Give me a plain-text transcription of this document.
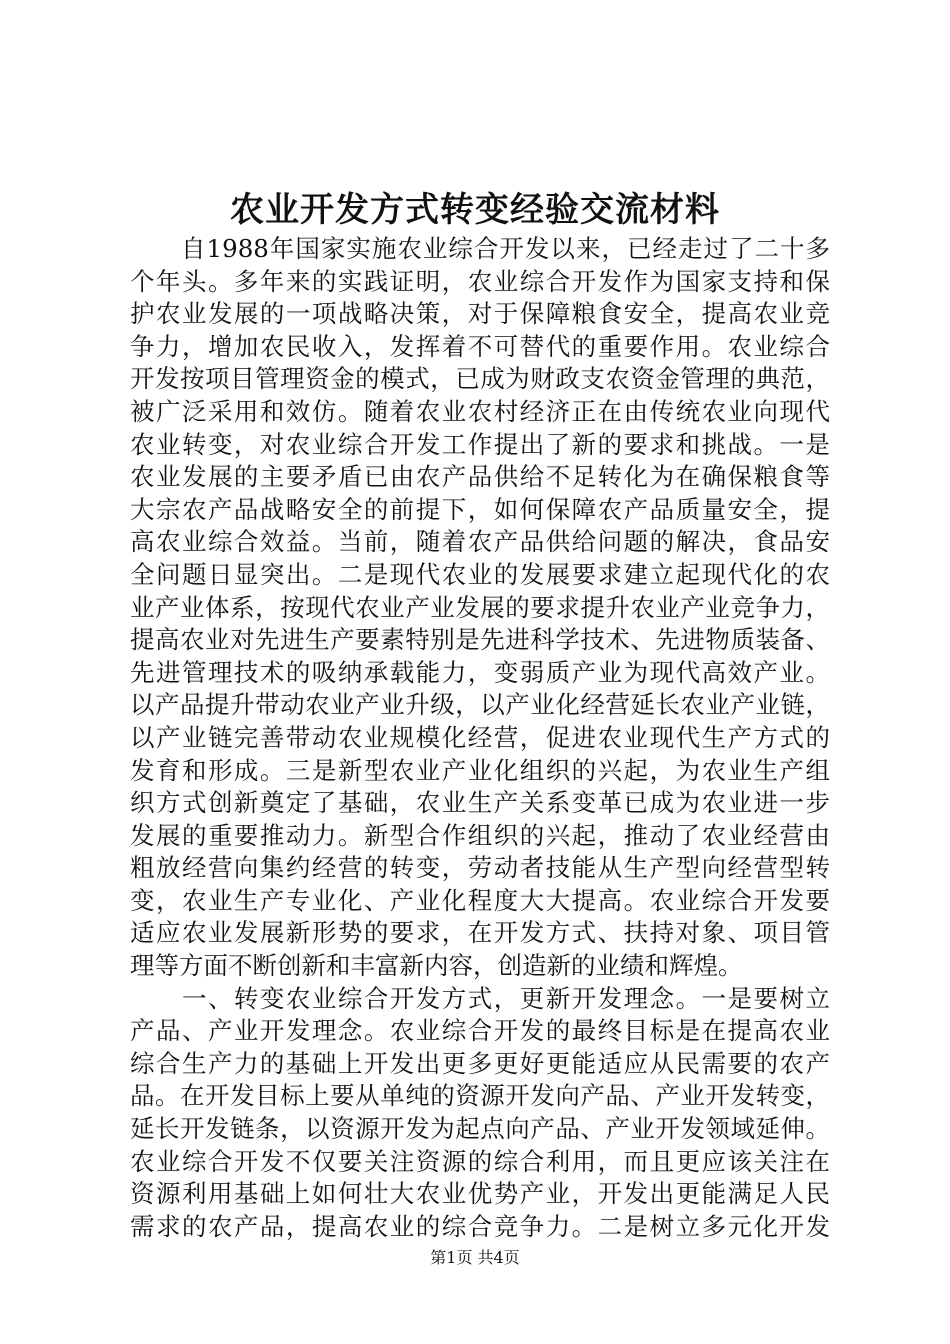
农业开发方式转变经验交流材料
　　自1988年国家实施农业综合开发以来，已经走过了二十多
个年头。多年来的实践证明，农业综合开发作为国家支持和保
护农业发展的一项战略决策，对于保障粮食安全，提高农业竞
争力，增加农民收入，发挥着不可替代的重要作用。农业综合
开发按项目管理资金的模式，已成为财政支农资金管理的典范，
被广泛采用和效仿。随着农业农村经济正在由传统农业向现代
农业转变，对农业综合开发工作提出了新的要求和挑战。一是
农业发展的主要矛盾已由农产品供给不足转化为在确保粮食等
大宗农产品战略安全的前提下，如何保障农产品质量安全，提
高农业综合效益。当前，随着农产品供给问题的解决，食品安
全问题日显突出。二是现代农业的发展要求建立起现代化的农
业产业体系，按现代农业产业发展的要求提升农业产业竞争力，
提高农业对先进生产要素特别是先进科学技术、先进物质装备、
先进管理技术的吸纳承载能力，变弱质产业为现代高效产业。
以产品提升带动农业产业升级，以产业化经营延长农业产业链，
以产业链完善带动农业规模化经营，促进农业现代生产方式的
发育和形成。三是新型农业产业化组织的兴起，为农业生产组
织方式创新奠定了基础，农业生产关系变革已成为农业进一步
发展的重要推动力。新型合作组织的兴起，推动了农业经营由
粗放经营向集约经营的转变，劳动者技能从生产型向经营型转
变，农业生产专业化、产业化程度大大提高。农业综合开发要
适应农业发展新形势的要求，在开发方式、扶持对象、项目管
理等方面不断创新和丰富新内容，创造新的业绩和辉煌。
　　一、转变农业综合开发方式，更新开发理念。一是要树立
产品、产业开发理念。农业综合开发的最终目标是在提高农业
综合生产力的基础上开发出更多更好更能适应从民需要的农产
品。在开发目标上要从单纯的资源开发向产品、产业开发转变，
延长开发链条，以资源开发为起点向产品、产业开发领域延伸。
农业综合开发不仅要关注资源的综合利用，而且更应该关注在
资源利用基础上如何壮大农业优势产业，开发出更能满足人民
需求的农产品，提高农业的综合竞争力。二是树立多元化开发
第1页 共4页
